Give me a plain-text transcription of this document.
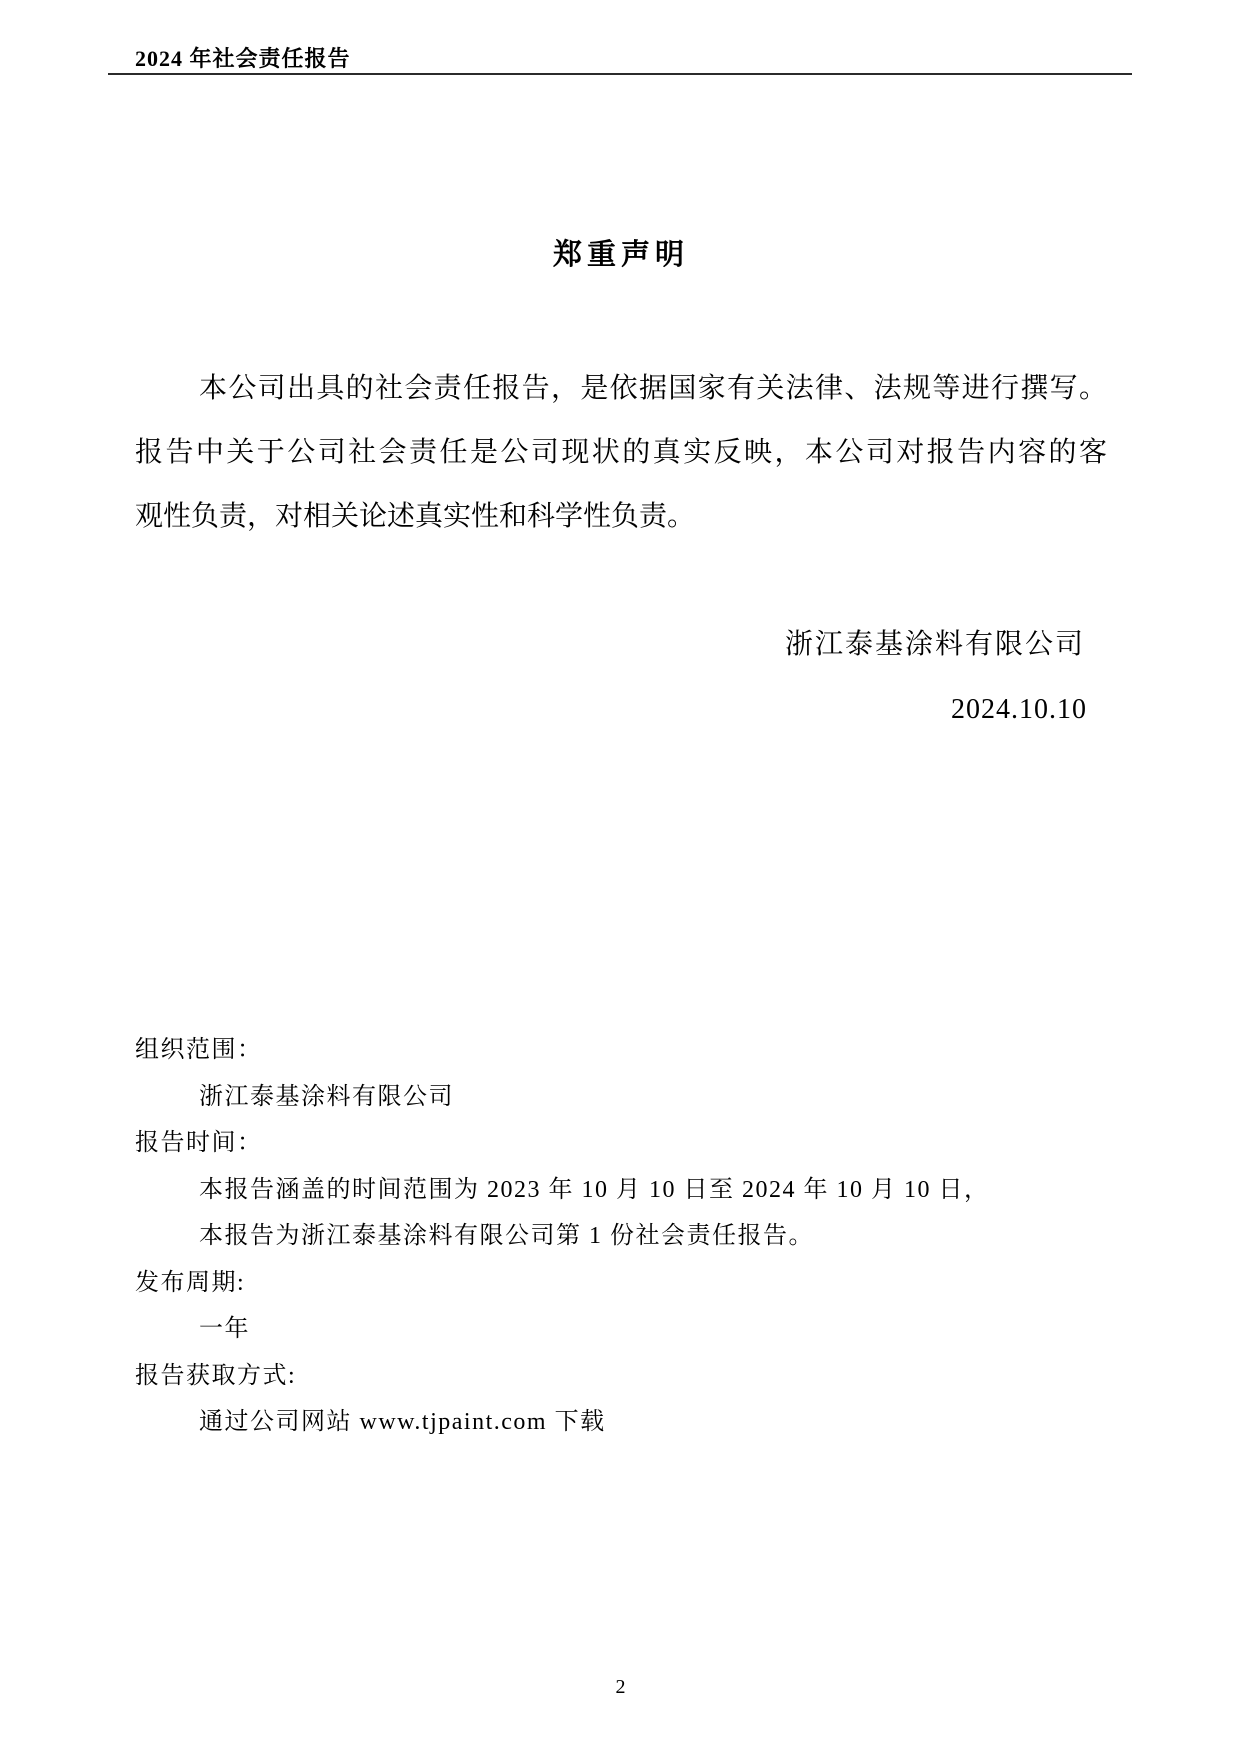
2024 年社会责任报告
郑重声明
本公司出具的社会责任报告，是依据国家有关法律、法规等进行撰写。
报告中关于公司社会责任是公司现状的真实反映，本公司对报告内容的客
观性负责，对相关论述真实性和科学性负责。
浙江泰基涂料有限公司
2024.10.10
组织范围：
浙江泰基涂料有限公司
报告时间：
本报告涵盖的时间范围为 2023 年 10 月 10 日至 2024 年 10 月 10 日，
本报告为浙江泰基涂料有限公司第 1 份社会责任报告。
发布周期:
一年
报告获取方式:
通过公司网站 www.tjpaint.com 下载
2
